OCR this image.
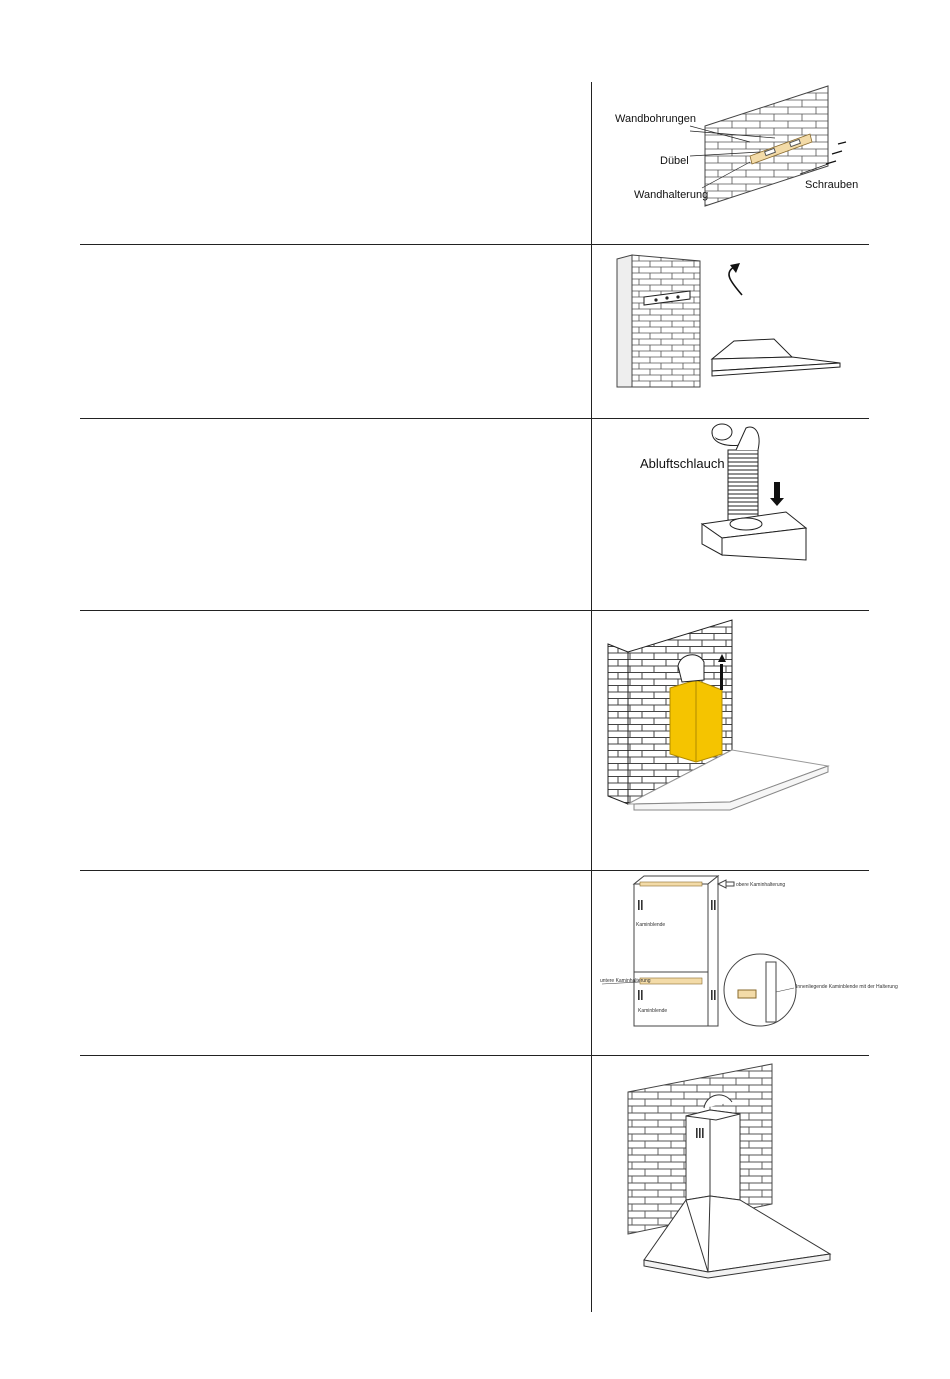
Wandbohrungen
Dübel
Wandhalterung
Schrauben
Abluftschlauch
obere Kaminhalterung
Kaminblende
untere Kaminhalterung
Kaminblende
Innenliegende Kaminblende mit der Halterung
